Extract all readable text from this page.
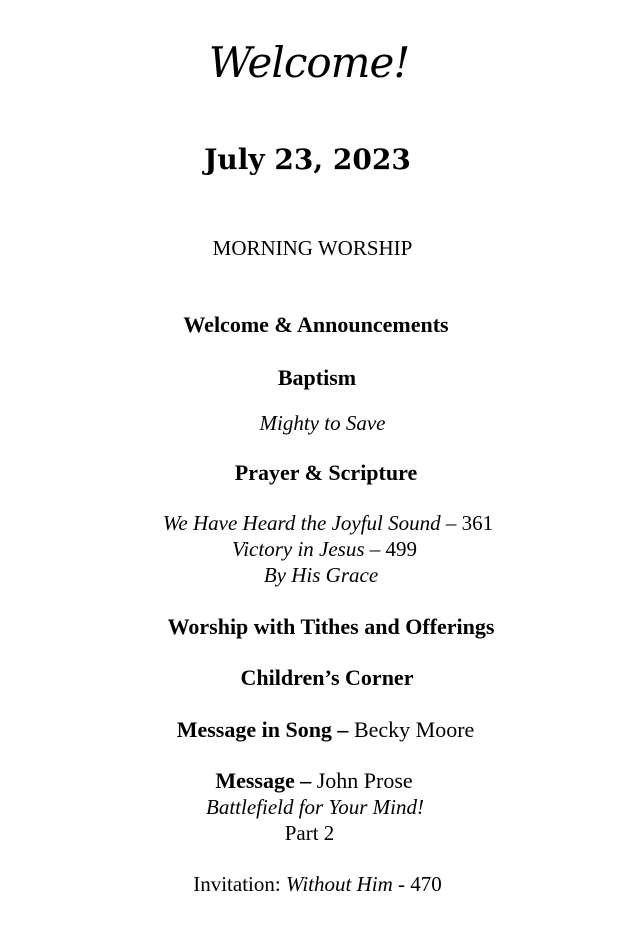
Welcome!
July 23, 2023
MORNING WORSHIP
Welcome & Announcements
Baptism
Mighty to Save
Prayer & Scripture
We Have Heard the Joyful Sound – 361
Victory in Jesus – 499
By His Grace
Worship with Tithes and Offerings
Children’s Corner
Message in Song – Becky Moore
Message – John Prose
Battlefield for Your Mind!
Part 2
Invitation: Without Him - 470
